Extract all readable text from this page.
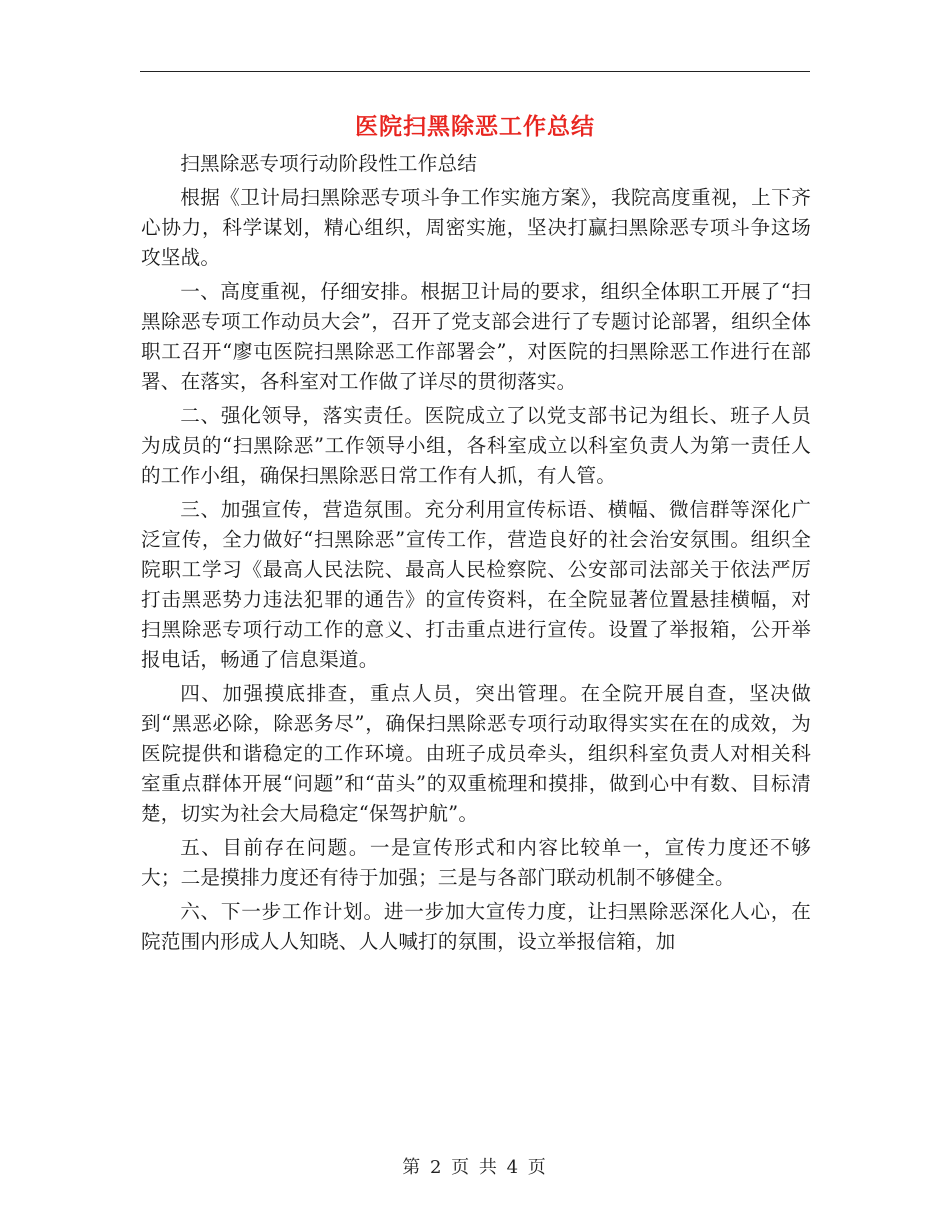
医院扫黑除恶工作总结

扫黑除恶专项行动阶段性工作总结

根据《卫计局扫黑除恶专项斗争工作实施方案》，我院高度重视，上下齐心协力，科学谋划，精心组织，周密实施，坚决打赢扫黑除恶专项斗争这场攻坚战。

一、高度重视，仔细安排。根据卫计局的要求，组织全体职工开展了“扫黑除恶专项工作动员大会”，召开了党支部会进行了专题讨论部署，组织全体职工召开“廖屯医院扫黑除恶工作部署会”，对医院的扫黑除恶工作进行在部署、在落实，各科室对工作做了详尽的贯彻落实。

二、强化领导，落实责任。医院成立了以党支部书记为组长、班子人员为成员的“扫黑除恶”工作领导小组，各科室成立以科室负责人为第一责任人的工作小组，确保扫黑除恶日常工作有人抓，有人管。

三、加强宣传，营造氛围。充分利用宣传标语、横幅、微信群等深化广泛宣传，全力做好“扫黑除恶”宣传工作，营造良好的社会治安氛围。组织全院职工学习《最高人民法院、最高人民检察院、公安部司法部关于依法严厉打击黑恶势力违法犯罪的通告》的宣传资料，在全院显著位置悬挂横幅，对扫黑除恶专项行动工作的意义、打击重点进行宣传。设置了举报箱，公开举报电话，畅通了信息渠道。

四、加强摸底排查，重点人员，突出管理。在全院开展自查，坚决做到“黑恶必除，除恶务尽”，确保扫黑除恶专项行动取得实实在在的成效，为医院提供和谐稳定的工作环境。由班子成员牵头，组织科室负责人对相关科室重点群体开展“问题”和“苗头”的双重梳理和摸排，做到心中有数、目标清楚，切实为社会大局稳定“保驾护航”。

五、目前存在问题。一是宣传形式和内容比较单一，宣传力度还不够大；二是摸排力度还有待于加强；三是与各部门联动机制不够健全。

六、下一步工作计划。进一步加大宣传力度，让扫黑除恶深化人心，在院范围内形成人人知晓、人人喊打的氛围，设立举报信箱，加

第 2 页 共 4 页
